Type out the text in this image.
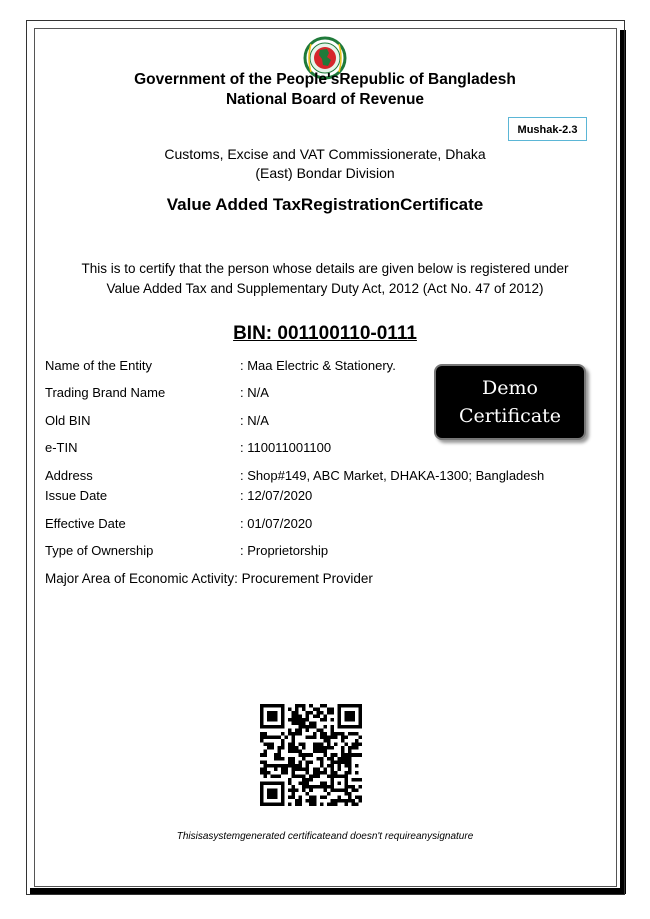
Government of the People'sRepublic of Bangladesh
National Board of Revenue
Mushak-2.3
Customs, Excise and VAT Commissionerate, Dhaka
(East) Bondar Division
Value Added TaxRegistrationCertificate
This is to certify that the person whose details are given below is registered under
Value Added Tax and Supplementary Duty Act, 2012 (Act No. 47 of 2012)
BIN: 001100110-0111
Name of the Entity	: Maa Electric & Stationery.
Trading Brand Name	: N/A
Old BIN	: N/A
e-TIN	: 110011001100
Address	: Shop#149, ABC Market, DHAKA-1300; Bangladesh
Issue Date	: 12/07/2020
Effective Date	: 01/07/2020
Type of Ownership	: Proprietorship
Major Area of Economic Activity: Procurement Provider
Demo
Certificate
Thisisasystemgenerated certificateand doesn't requireanysignature
